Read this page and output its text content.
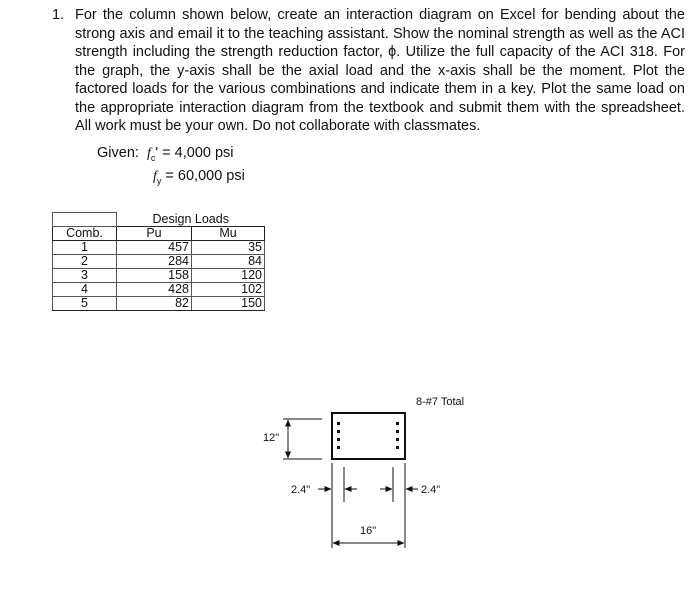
1. For the column shown below, create an interaction diagram on Excel for bending about the strong axis and email it to the teaching assistant. Show the nominal strength as well as the ACI strength including the strength reduction factor, ϕ. Utilize the full capacity of the ACI 318. For the graph, the y-axis shall be the axial load and the x-axis shall be the moment. Plot the factored loads for the various combinations and indicate them in a key. Plot the same load on the appropriate interaction diagram from the textbook and submit them with the spreadsheet. All work must be your own. Do not collaborate with classmates.

Given: $f_c' = 4,000$ psi
$f_y = 60,000$ psi
	Design Loads	
Comb.	Pu	Mu
1	457	35
2	284	84
3	158	120
4	428	102
5	82	150
8-#7 Total
12"
2.4"	2.4"
16"
